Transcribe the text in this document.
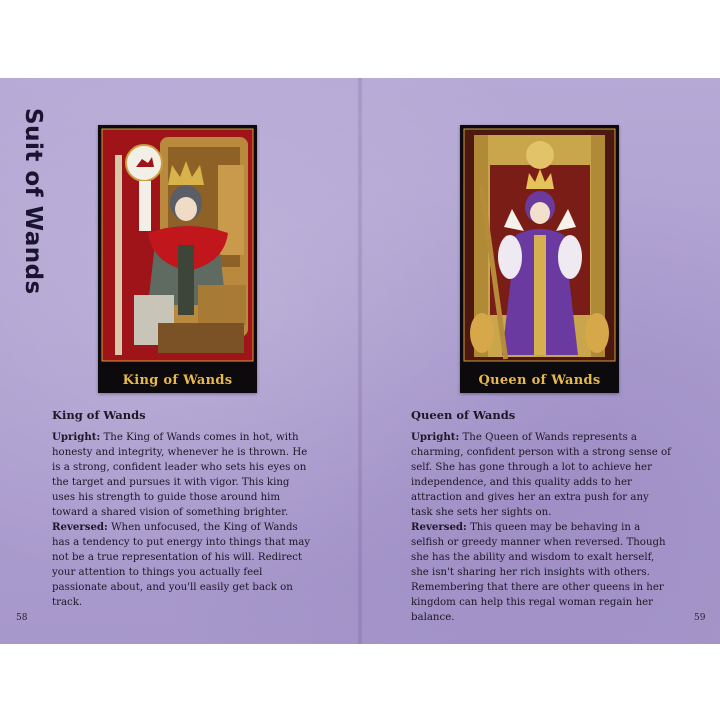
Suit of Wands
King of Wands	Queen of Wands
King of Wands

Upright: The King of Wands comes in hot, with honesty and integrity, whenever he is thrown. He is a strong, confident leader who sets his eyes on the target and pursues it with vigor. This king uses his strength to guide those around him toward a shared vision of something brighter.

Reversed: When unfocused, the King of Wands has a tendency to put energy into things that may not be a true representation of his will. Redirect your attention to things you actually feel passionate about, and you'll easily get back on track.

Queen of Wands

Upright: The Queen of Wands represents a charming, confident person with a strong sense of self. She has gone through a lot to achieve her independence, and this quality adds to her attraction and gives her an extra push for any task she sets her sights on.

Reversed: This queen may be behaving in a selfish or greedy manner when reversed. Though she has the ability and wisdom to exalt herself, she isn't sharing her rich insights with others. Remembering that there are other queens in her kingdom can help this regal woman regain her balance.

58	59
